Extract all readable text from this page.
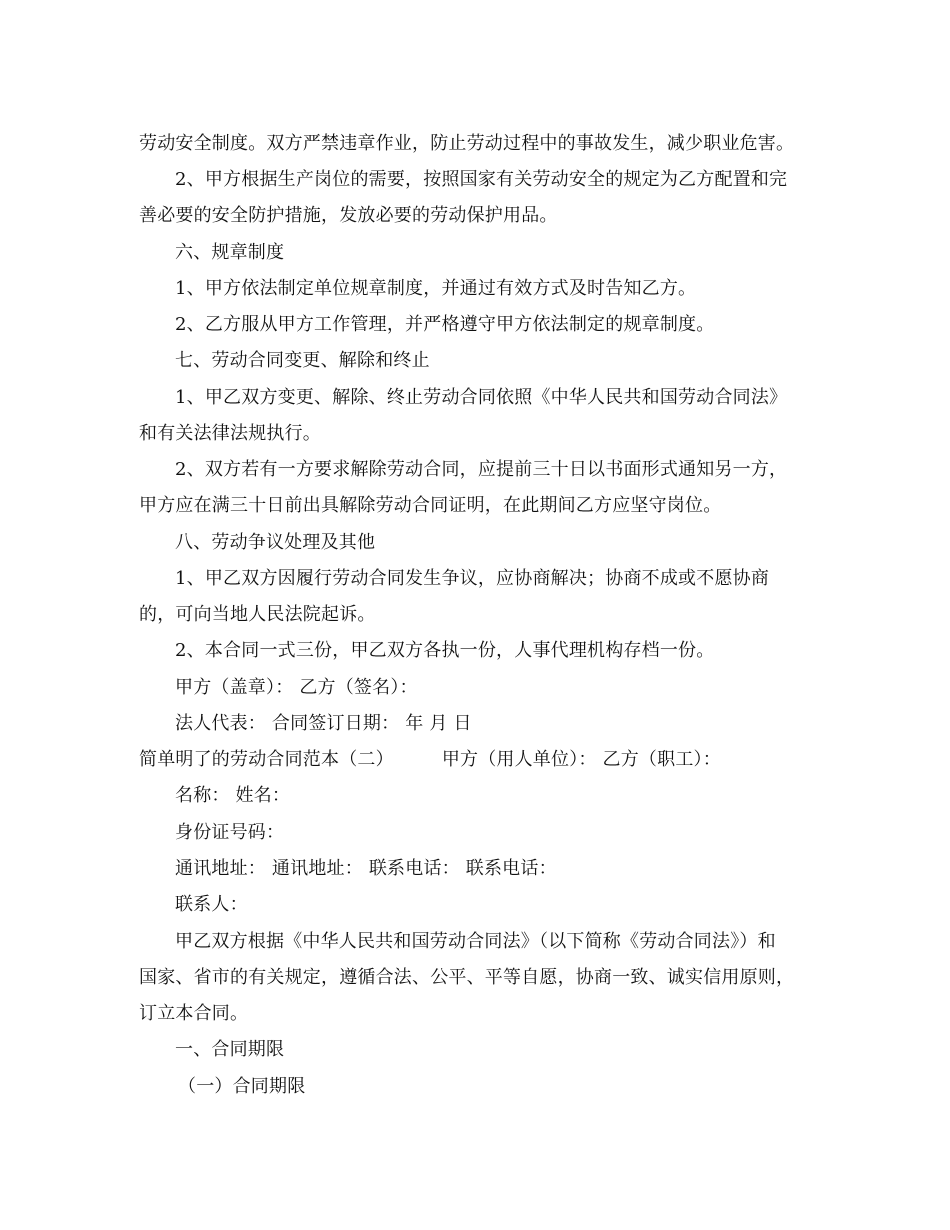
劳动安全制度。双方严禁违章作业，防止劳动过程中的事故发生，减少职业危害。
2、甲方根据生产岗位的需要，按照国家有关劳动安全的规定为乙方配置和完
善必要的安全防护措施，发放必要的劳动保护用品。
六、规章制度
1、甲方依法制定单位规章制度，并通过有效方式及时告知乙方。
2、乙方服从甲方工作管理，并严格遵守甲方依法制定的规章制度。
七、劳动合同变更、解除和终止
1、甲乙双方变更、解除、终止劳动合同依照《中华人民共和国劳动合同法》
和有关法律法规执行。
2、双方若有一方要求解除劳动合同，应提前三十日以书面形式通知另一方，
甲方应在满三十日前出具解除劳动合同证明，在此期间乙方应坚守岗位。
八、劳动争议处理及其他
1、甲乙双方因履行劳动合同发生争议，应协商解决；协商不成或不愿协商
的，可向当地人民法院起诉。
2、本合同一式三份，甲乙双方各执一份，人事代理机构存档一份。
甲方（盖章）： 乙方（签名）：
法人代表： 合同签订日期： 年 月 日
简单明了的劳动合同范本（二）	甲方（用人单位）： 乙方（职工）：
名称： 姓名：
身份证号码：
通讯地址： 通讯地址： 联系电话： 联系电话：
联系人：
甲乙双方根据《中华人民共和国劳动合同法》（以下简称《劳动合同法》）和
国家、省市的有关规定，遵循合法、公平、平等自愿，协商一致、诚实信用原则，
订立本合同。
一、合同期限
（一）合同期限
